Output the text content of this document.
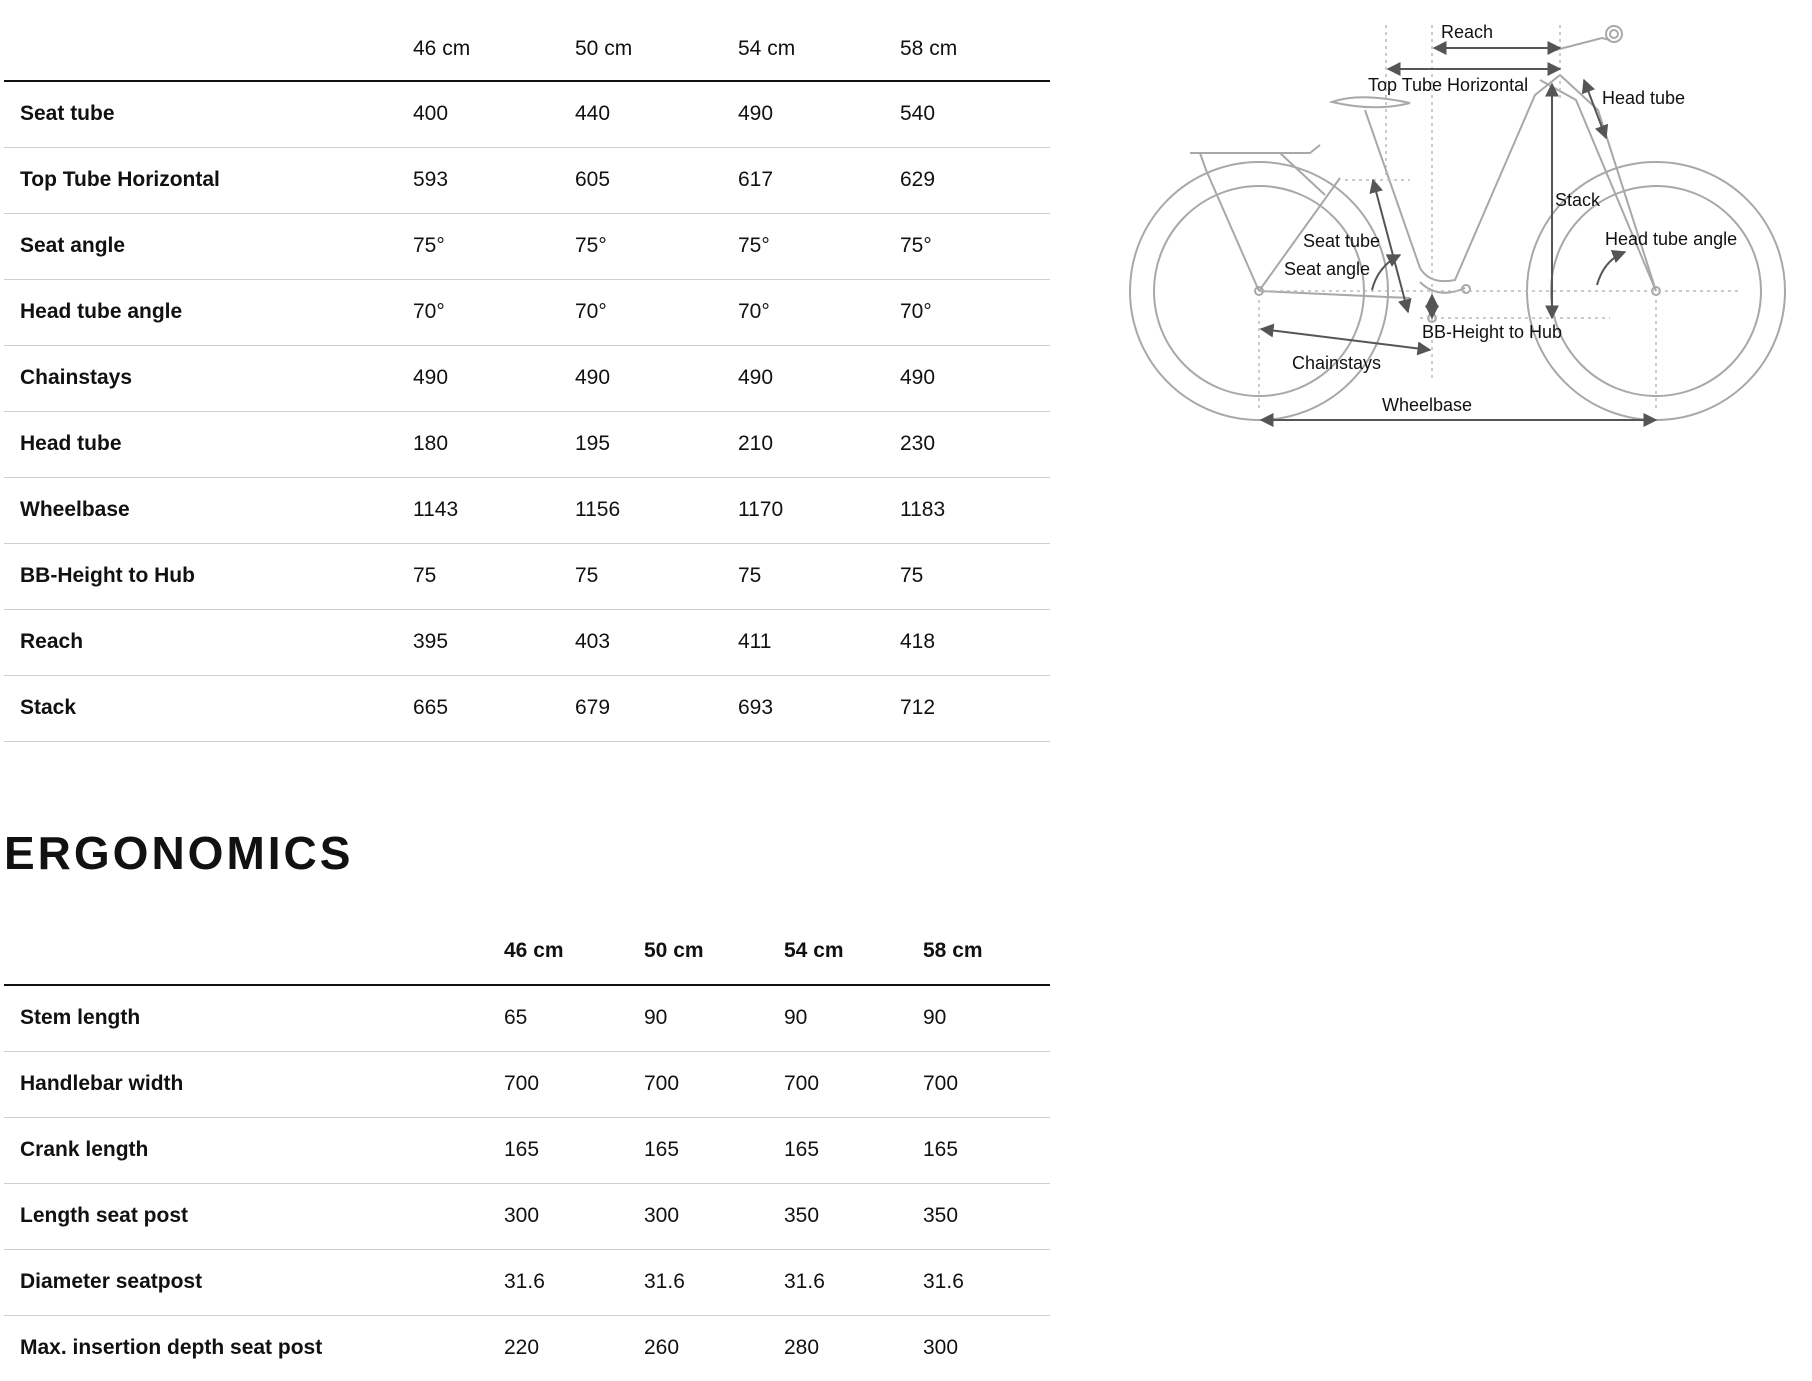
46 cm	50 cm	54 cm	58 cm
Seat tube	400	440	490	540
Top Tube Horizontal	593	605	617	629
Seat angle	75°	75°	75°	75°
Head tube angle	70°	70°	70°	70°
Chainstays	490	490	490	490
Head tube	180	195	210	230
Wheelbase	1143	1156	1170	1183
BB-Height to Hub	75	75	75	75
Reach	395	403	411	418
Stack	665	679	693	712
Reach
Top Tube Horizontal
Head tube
Stack
Seat tube
Seat angle
Head tube angle
BB-Height to Hub
Chainstays
Wheelbase
ERGONOMICS
46 cm	50 cm	54 cm	58 cm
Stem length	65	90	90	90
Handlebar width	700	700	700	700
Crank length	165	165	165	165
Length seat post	300	300	350	350
Diameter seatpost	31.6	31.6	31.6	31.6
Max. insertion depth seat post	220	260	280	300
